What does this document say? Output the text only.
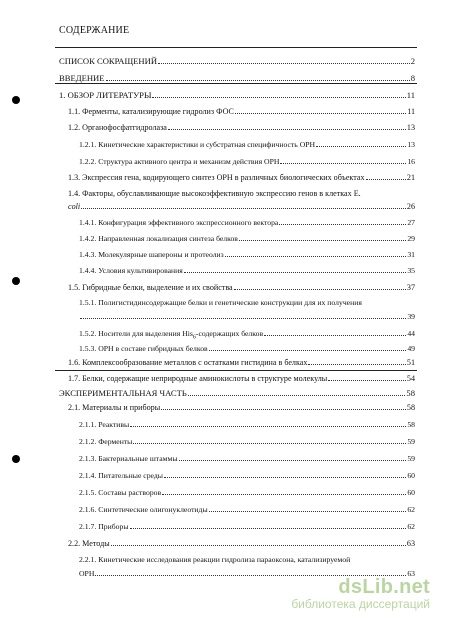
СОДЕРЖАНИЕ
СПИСОК СОКРАЩЕНИЙ	2
ВВЕДЕНИЕ	8
1. ОБЗОР ЛИТЕРАТУРЫ	11
1.1. Ферменты, катализирующие гидролиз ФОС	11
1.2. Органофосфатгидролаза	13
1.2.1. Кинетические характеристики и субстратная специфичность OPH	13
1.2.2. Структура активного центра и механизм действия OPH	16
1.3. Экспрессия гена, кодирующего синтез OPH в различных биологических объектах	21
1.4. Факторы, обуславливающие высокоэффективную экспрессию генов в клетках E.
coli	26
1.4.1. Конфигурация эффективного экспрессионного вектора	27
1.4.2. Направленная локализация синтеза белков	29
1.4.3. Молекулярные шапероны и протеолиз	31
1.4.4. Условия культивирования	35
1.5. Гибридные белки, выделение и их свойства	37
1.5.1. Полигистидинсодержащие белки и генетические конструкции для их получения
39
1.5.2. Носители для выделения His$_6$-содержащих белков	44
1.5.3. OPH в составе гибридных белков	49
1.6. Комплексообразование металлов с остатками гистидина в белках	51
1.7. Белки, содержащие неприродные аминокислоты в структуре молекулы	54
ЭКСПЕРИМЕНТАЛЬНАЯ ЧАСТЬ	58
2.1. Материалы и приборы	58
2.1.1. Реактивы	58
2.1.2. Ферменты	59
2.1.3. Бактериальные штаммы	59
2.1.4. Питательные среды	60
2.1.5. Составы растворов	60
2.1.6. Синтетические олигонуклеотиды	62
2.1.7. Приборы	62
2.2. Методы	63
2.2.1. Кинетические исследования реакции гидролиза параоксона, катализируемой
OPH	63
dsLib.net
библиотека диссертаций
